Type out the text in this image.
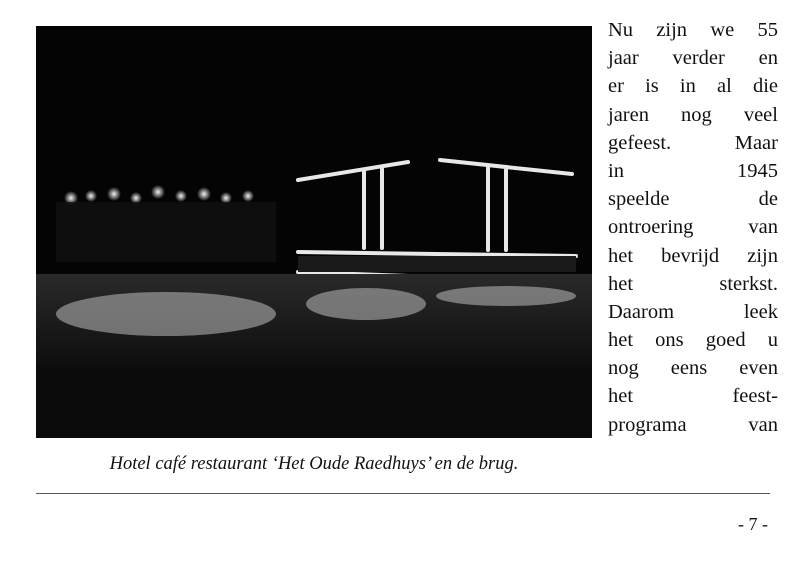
Hotel café restaurant ‘Het Oude Raedhuys’ en de brug.
Nu zijn we 55
jaar verder en
er is in al die
jaren nog veel
gefeest.	Maar
in	1945
speelde	de
ontroering	van
het bevrijd zijn
het	sterkst.
Daarom	leek
het ons goed u
nog eens even
het	feest-
programa	van
- 7 -
